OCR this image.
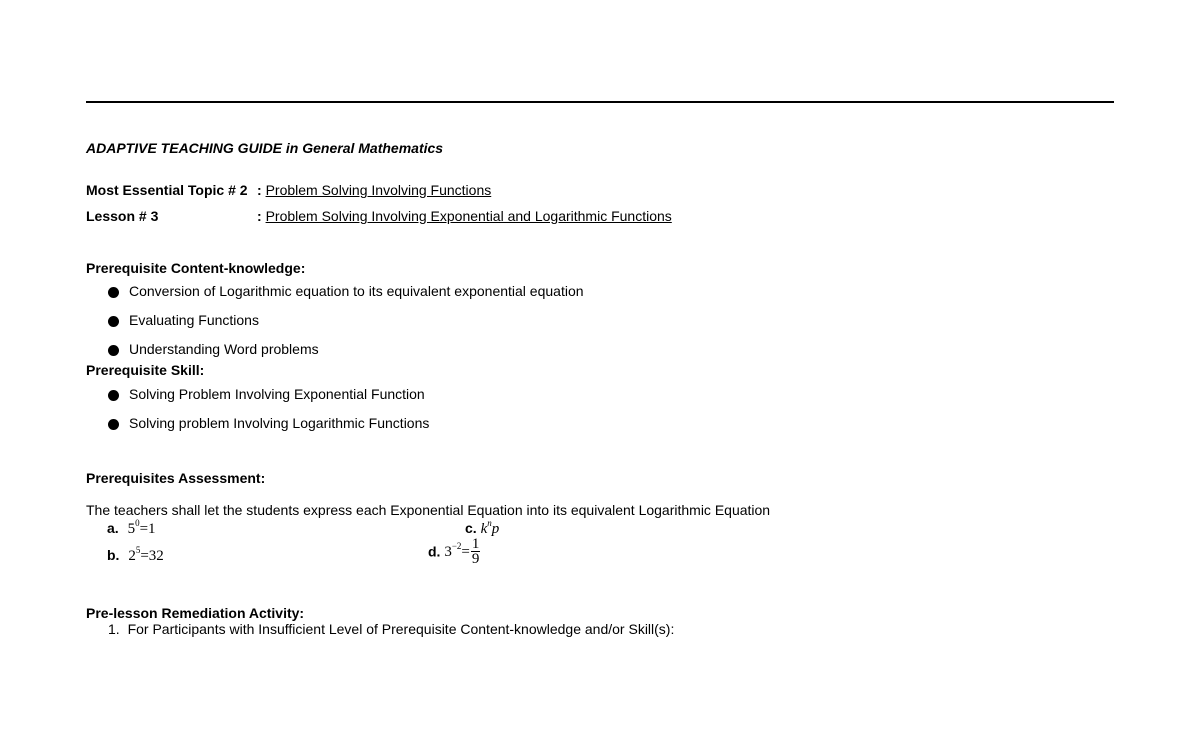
ADAPTIVE TEACHING GUIDE in General Mathematics
Most Essential Topic # 2 : Problem Solving Involving Functions
Lesson # 3	: Problem Solving Involving Exponential and Logarithmic Functions
Prerequisite Content-knowledge:
Conversion of Logarithmic equation to its equivalent exponential equation
Evaluating Functions
Understanding Word problems
Prerequisite Skill:
Solving Problem Involving Exponential Function
Solving problem Involving Logarithmic Functions
Prerequisites Assessment:
The teachers shall let the students express each Exponential Equation into its equivalent Logarithmic Equation
a. $5^0=1$
b. $2^5=32$
c. $k^np$
d. $3^{-2}= \frac{1}{9}$
Pre-lesson Remediation Activity:
1. For Participants with Insufficient Level of Prerequisite Content-knowledge and/or Skill(s):
